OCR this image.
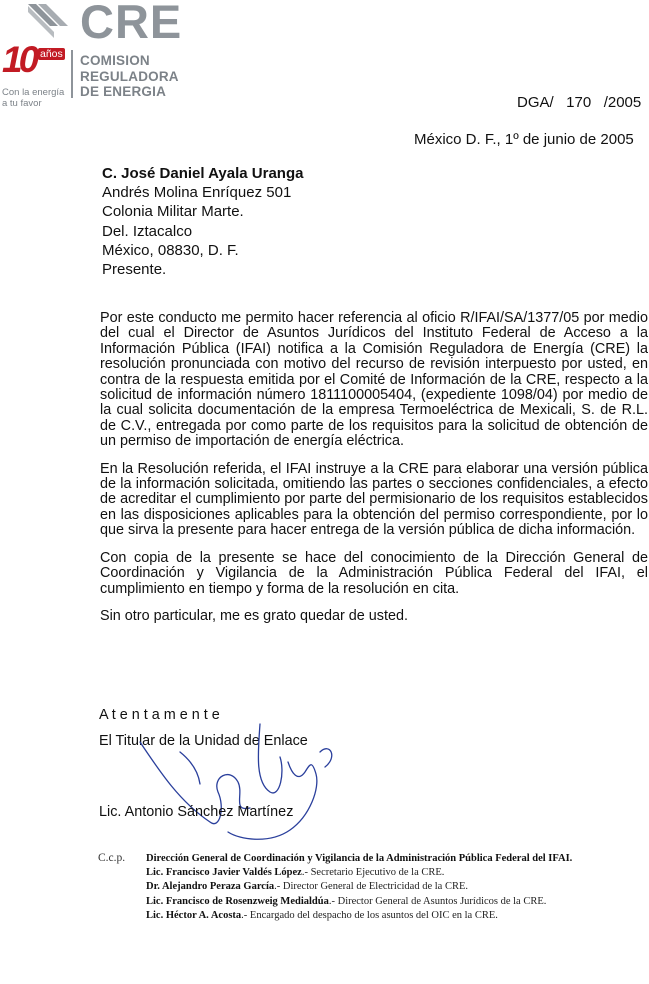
CRE
COMISION
REGULADORA
DE ENERGIA
10 años
Con la energía
a tu favor	DGA/   170   /2005
México D. F., 1º de junio de 2005
C. José Daniel Ayala Uranga
Andrés Molina Enríquez 501
Colonia Militar Marte.
Del. Iztacalco
México, 08830, D. F.
Presente.

Por este conducto me permito hacer referencia al oficio R/IFAI/SA/1377/05 por medio del cual el Director de Asuntos Jurídicos del Instituto Federal de Acceso a la Información Pública (IFAI) notifica a la Comisión Reguladora de Energía (CRE) la resolución pronunciada con motivo del recurso de revisión interpuesto por usted, en contra de la respuesta emitida por el Comité de Información de la CRE, respecto a la solicitud de información número 1811100005404, (expediente 1098/04) por medio de la cual solicita documentación de la empresa Termoeléctrica de Mexicali, S. de R.L. de C.V., entregada por como parte de los requisitos para la solicitud de obtención de un permiso de importación de energía eléctrica.

En la Resolución referida, el IFAI instruye a la CRE para elaborar una versión pública de la información solicitada, omitiendo las partes o secciones confidenciales, a efecto de acreditar el cumplimiento por parte del permisionario de los requisitos establecidos en las disposiciones aplicables para la obtención del permiso correspondiente, por lo que sirva la presente para hacer entrega de la versión pública de dicha información.

Con copia de la presente se hace del conocimiento de la Dirección General de Coordinación y Vigilancia de la Administración Pública Federal del IFAI, el cumplimiento en tiempo y forma de la resolución en cita.

Sin otro particular, me es grato quedar de usted.

A t e n t a m e n t e
El Titular de la Unidad de Enlace
Lic. Antonio Sánchez Martínez
C.c.p. Dirección General de Coordinación y Vigilancia de la Administración Pública Federal del IFAI.
Lic. Francisco Javier Valdés López.- Secretario Ejecutivo de la CRE.
Dr. Alejandro Peraza García.- Director General de Electricidad de la CRE.
Lic. Francisco de Rosenzweig Medialdúa.- Director General de Asuntos Jurídicos de la CRE.
Lic. Héctor A. Acosta.- Encargado del despacho de los asuntos del OIC en la CRE.
